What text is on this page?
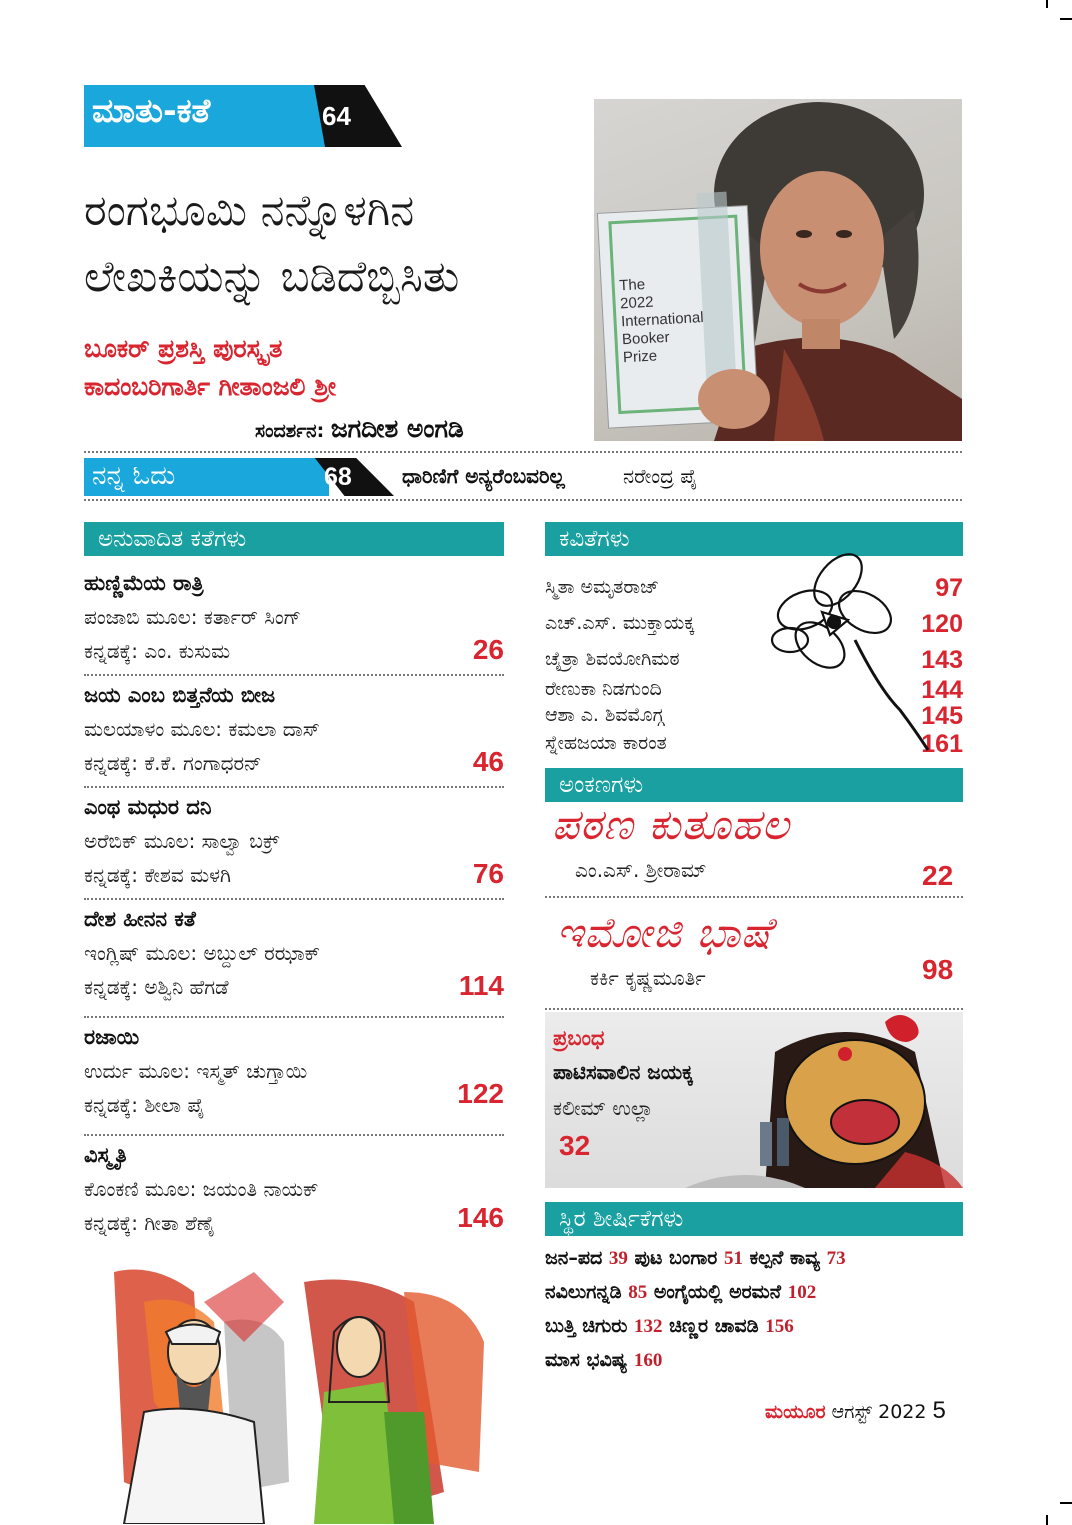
ಮಾತು-ಕತೆ	64
ರಂಗಭೂಮಿ ನನ್ನೊಳಗಿನ
ಲೇಖಕಿಯನ್ನು ಬಡಿದೆಬ್ಬಿಸಿತು
ಬೂಕರ್ ಪ್ರಶಸ್ತಿ ಪುರಸ್ಕೃತ
ಕಾದಂಬರಿಗಾರ್ತಿ ಗೀತಾಂಜಲಿ ಶ್ರೀ
ಸಂದರ್ಶನ: ಜಗದೀಶ ಅಂಗಡಿ
The
2022
International
Booker
Prize
ನನ್ನ ಓದು	68	ಧಾರಿಣಿಗೆ ಅನ್ಯರೆಂಬವರಿಲ್ಲ	ನರೇಂದ್ರ ಪೈ
ಅನುವಾದಿತ ಕತೆಗಳು
ಹುಣ್ಣಿಮೆಯ ರಾತ್ರಿ
ಪಂಜಾಬಿ ಮೂಲ: ಕರ್ತಾರ್ ಸಿಂಗ್
ಕನ್ನಡಕ್ಕೆ: ಎಂ. ಕುಸುಮ	26
ಜಯ ಎಂಬ ಬಿತ್ತನೆಯ ಬೀಜ
ಮಲಯಾಳಂ ಮೂಲ: ಕಮಲಾ ದಾಸ್
ಕನ್ನಡಕ್ಕೆ: ಕೆ.ಕೆ. ಗಂಗಾಧರನ್	46
ಎಂಥ ಮಧುರ ದನಿ
ಅರೆಬಿಕ್ ಮೂಲ: ಸಾಲ್ವಾ ಬಕ್ರ್
ಕನ್ನಡಕ್ಕೆ: ಕೇಶವ ಮಳಗಿ	76
ದೇಶ ಹೀನನ ಕತೆ
ಇಂಗ್ಲಿಷ್ ಮೂಲ: ಅಬ್ದುಲ್ ರಝಾಕ್
ಕನ್ನಡಕ್ಕೆ: ಅಶ್ವಿನಿ ಹೆಗಡೆ	114
ರಜಾಯಿ
ಉರ್ದು ಮೂಲ: ಇಸ್ಮತ್ ಚುಗ್ತಾಯಿ
ಕನ್ನಡಕ್ಕೆ: ಶೀಲಾ ಪೈ	122
ವಿಸ್ಮೃತಿ
ಕೊಂಕಣಿ ಮೂಲ: ಜಯಂತಿ ನಾಯಕ್
ಕನ್ನಡಕ್ಕೆ: ಗೀತಾ ಶೆಣೈ	146
ಕವಿತೆಗಳು
ಸ್ಮಿತಾ ಅಮೃತರಾಜ್	97
ಎಚ್.ಎಸ್. ಮುಕ್ತಾಯಕ್ಕ	120
ಚೈತ್ರಾ ಶಿವಯೋಗಿಮಠ	143
ರೇಣುಕಾ ನಿಡಗುಂದಿ	144
ಆಶಾ ಎ. ಶಿವಮೊಗ್ಗ	145
ಸ್ನೇಹಜಯಾ ಕಾರಂತ	161
ಅಂಕಣಗಳು
ಪಠಣ ಕುತೂಹಲ
ಎಂ.ಎಸ್. ಶ್ರೀರಾಮ್	22
ಇಮೋಜಿ ಭಾಷೆ
ಕರ್ಕಿ ಕೃಷ್ಣಮೂರ್ತಿ	98
ಪ್ರಬಂಧ
ಪಾಟಿಸವಾಲಿನ ಜಯಕ್ಕ
ಕಲೀಮ್ ಉಲ್ಲಾ
32
ಸ್ಥಿರ ಶೀರ್ಷಿಕೆಗಳು
ಜನ–ಪದ 39 ಪುಟ ಬಂಗಾರ 51 ಕಲ್ಪನೆ ಕಾವ್ಯ 73
ನವಿಲುಗನ್ನಡಿ 85 ಅಂಗೈಯಲ್ಲಿ ಅರಮನೆ 102
ಬುತ್ತಿ ಚಿಗುರು 132 ಚಿಣ್ಣರ ಚಾವಡಿ 156
ಮಾಸ ಭವಿಷ್ಯ 160
ಮಯೂರ ಆಗಸ್ಟ್ 2022 5
